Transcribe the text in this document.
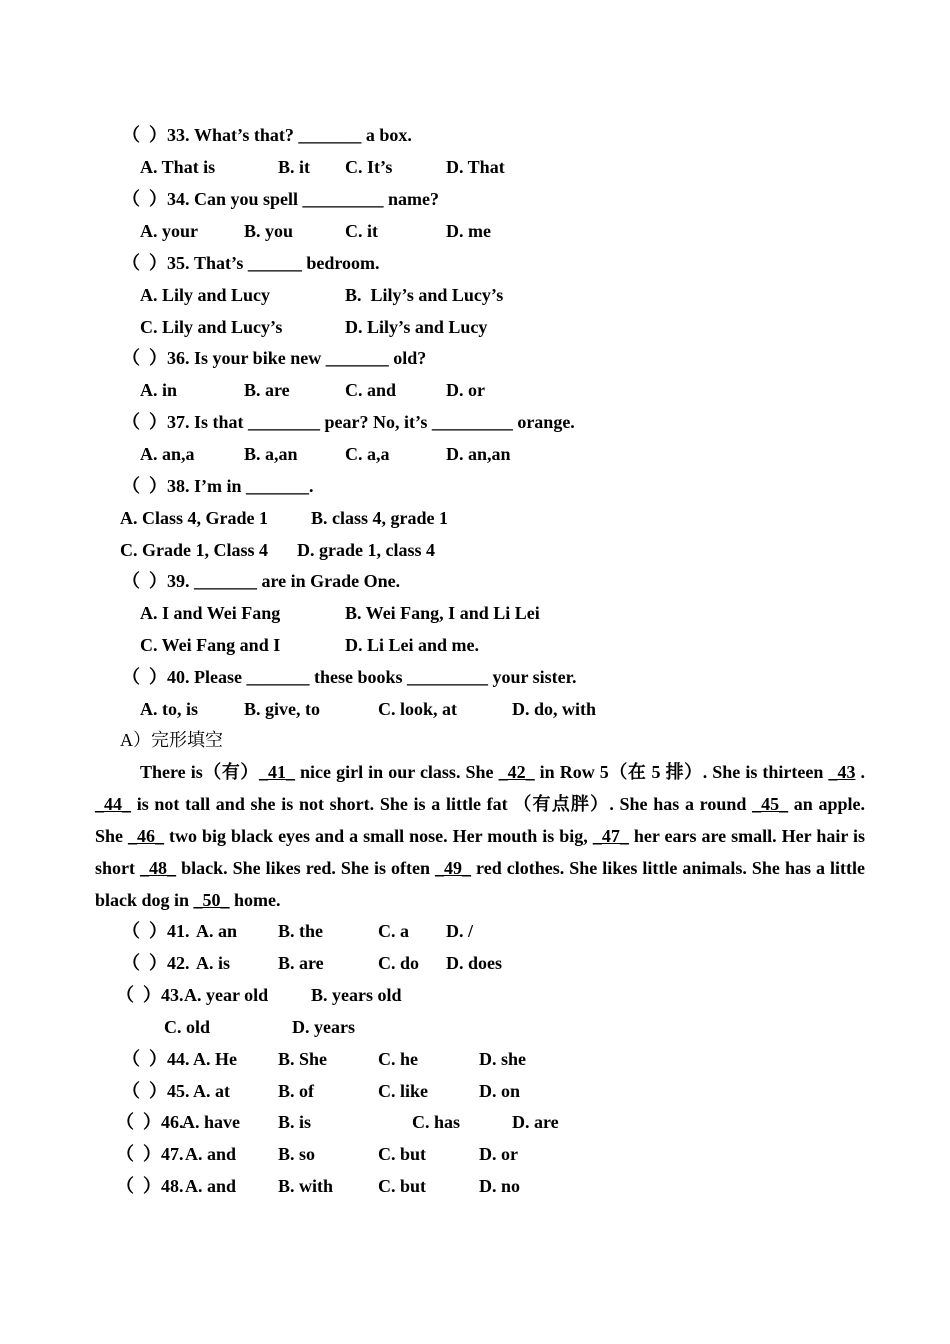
（  ）33. What’s that? _______ a box.
A. That is	B. it C. It’s	D. That
（  ）34. Can you spell _________ name?
A. your	B. you	C. it	D. me
（  ）35. That’s ______ bedroom.
A. Lily and Lucy	B.  Lily’s and Lucy’s
C. Lily and Lucy’s	D. Lily’s and Lucy
（  ）36. Is your bike new _______ old?
A. in	B. are	C. and	D. or
（  ）37. Is that ________ pear? No, it’s _________ orange.
A. an,a	B. a,an	C. a,a	D. an,an
（  ）38. I’m in _______.
A. Class 4, Grade 1 B. class 4, grade 1
C. Grade 1, Class 4 D. grade 1, class 4
（  ）39. _______ are in Grade One.
A. I and Wei Fang	B. Wei Fang, I and Li Lei
C. Wei Fang and I	D. Li Lei and me.
（  ）40. Please _______ these books _________ your sister.
A. to, is	B. give, to	C. look, at	D. do, with
A）完形填空
There is（有）_41_ nice girl in our class. She _42_ in Row 5（在 5 排）. She is thirteen _43 . _44_ is not tall and she is not short. She is a little fat （有点胖）. She has a round _45_ an apple. She _46_ two big black eyes and a small nose. Her mouth is big, _47_ her ears are small. Her hair is short _48_ black. She likes red. She is often _49_ red clothes. She likes little animals. She has a little black dog in _50_ home.
（  ）41. A. an B. the	C. a D. /
（  ）42. A. is	B. are	C. do D. does
（  ）43. A. year old B. years old
C. old	D. years
（  ）44. A. He B. She	C. he	D. she
（  ）45. A. at	B. of	C. like	D. on
（  ）46.
A. have B. is	C. has	D. are
（  ）47. A. and B. so	C. but	D. or
（  ）48. A. and B. with C. but	D. no
